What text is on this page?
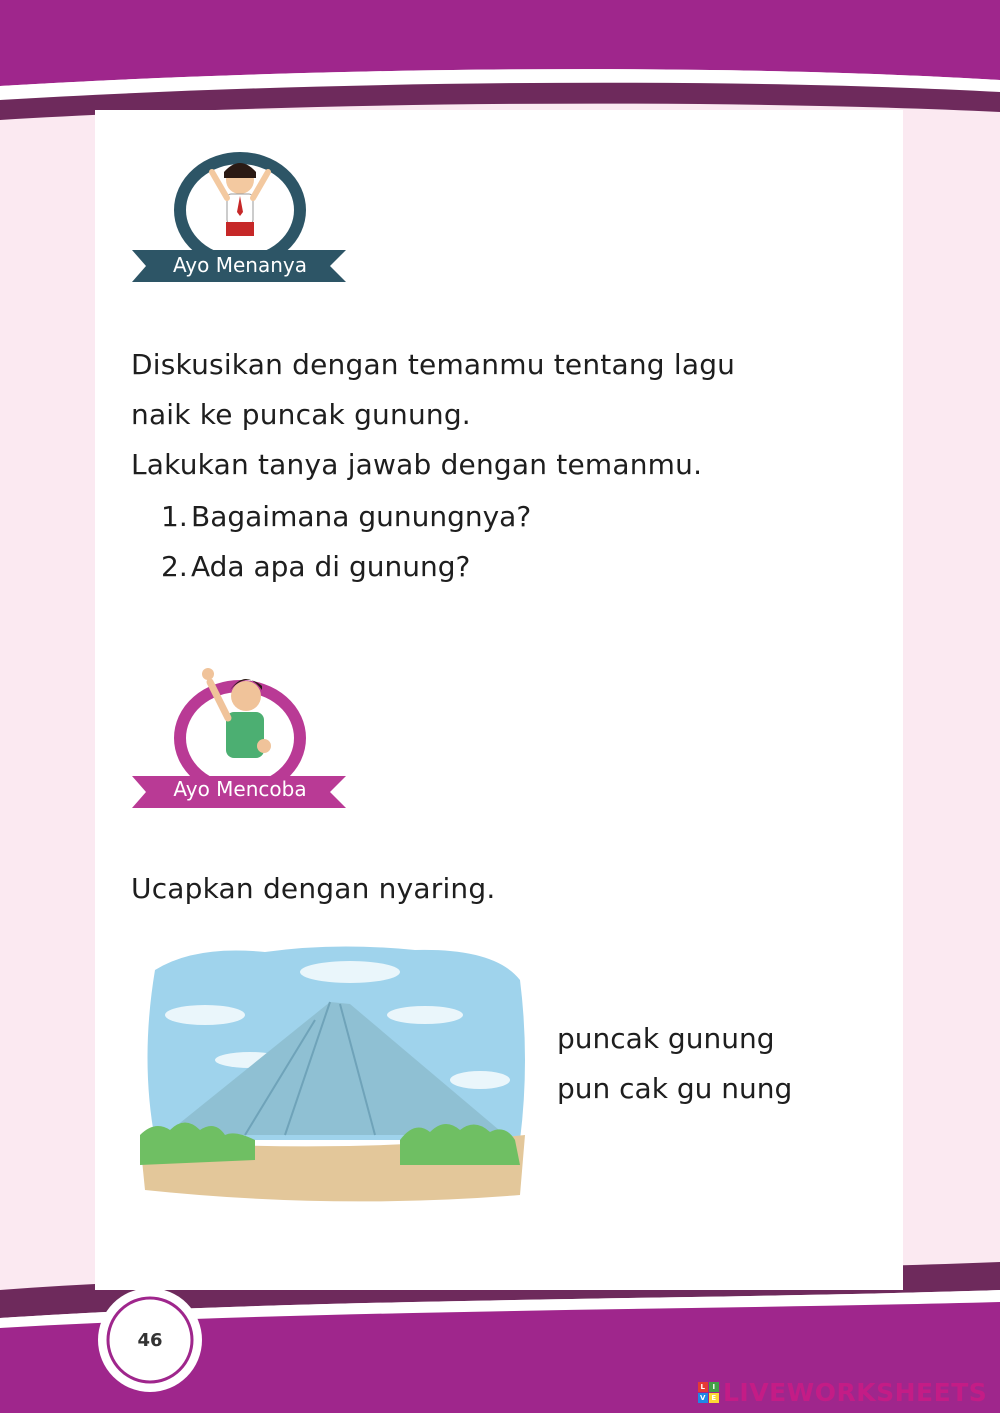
Ayo Menanya
Diskusikan dengan temanmu tentang lagu
naik ke puncak gunung.
Lakukan tanya jawab dengan temanmu.
1. Bagaimana gunungnya?
2. Ada apa di gunung?
Ayo Mencoba
Ucapkan dengan nyaring.
puncak gunung
pun cak gu nung
46
L I
V E LIVEWORKSHEETS
